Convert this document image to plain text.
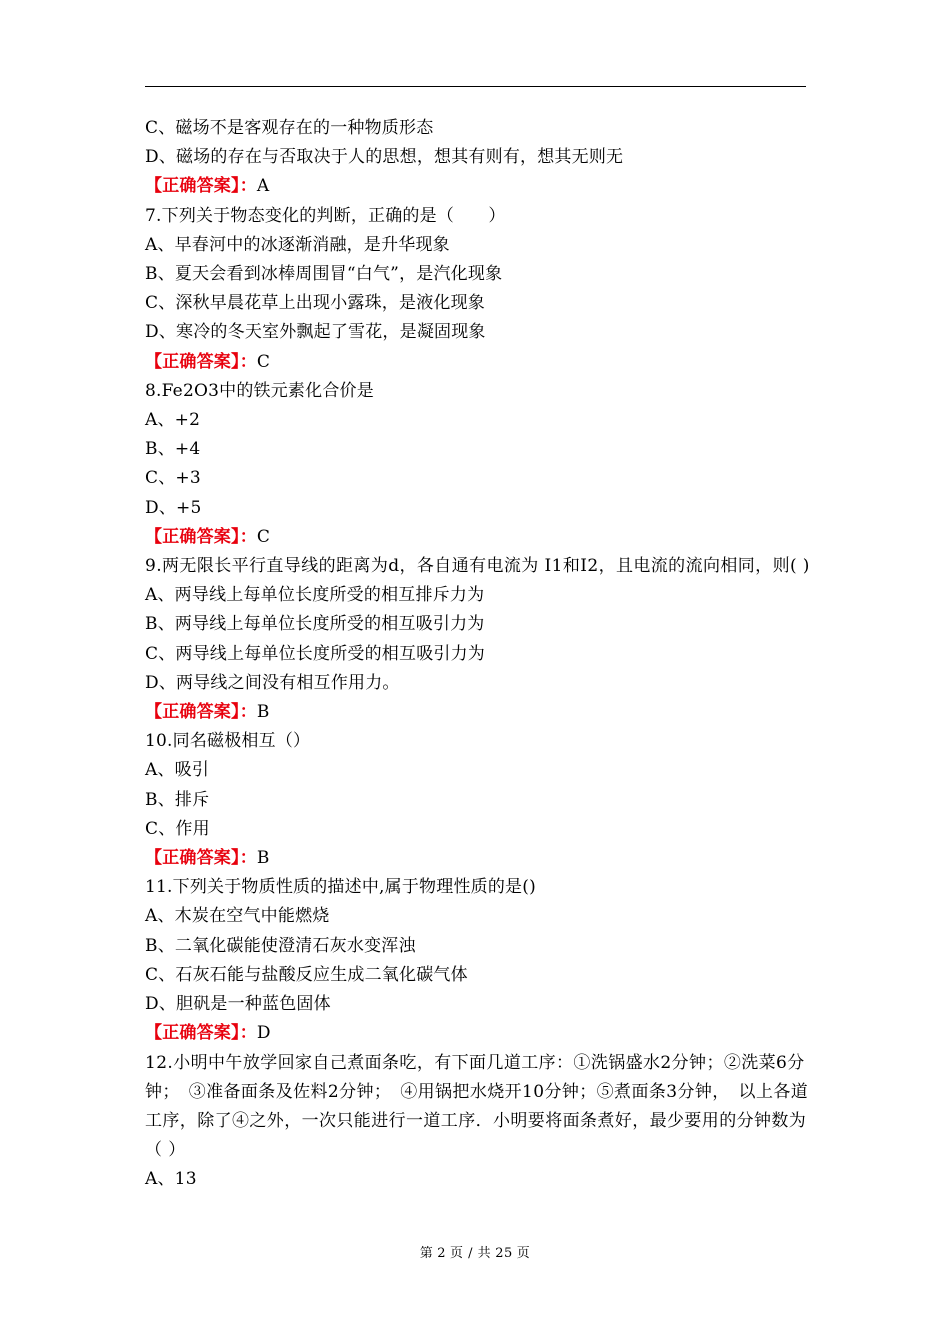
C、磁场不是客观存在的一种物质形态
D、磁场的存在与否取决于人的思想，想其有则有，想其无则无
【正确答案】：A
7.下列关于物态变化的判断，正确的是（　　）
A、早春河中的冰逐渐消融，是升华现象
B、夏天会看到冰棒周围冒“白气”，是汽化现象
C、深秋早晨花草上出现小露珠，是液化现象
D、寒冷的冬天室外飘起了雪花，是凝固现象
【正确答案】：C
8.Fe2O3中的铁元素化合价是
A、+2
B、+4
C、+3
D、+5
【正确答案】：C
9.两无限长平行直导线的距离为d，各自通有电流为 I1和I2，且电流的流向相同，则( )
A、两导线上每单位长度所受的相互排斥力为
B、两导线上每单位长度所受的相互吸引力为
C、两导线上每单位长度所受的相互吸引力为
D、两导线之间没有相互作用力。
【正确答案】：B
10.同名磁极相互（）
A、吸引
B、排斥
C、作用
【正确答案】：B
11.下列关于物质性质的描述中,属于物理性质的是()
A、木炭在空气中能燃烧
B、二氧化碳能使澄清石灰水变浑浊
C、石灰石能与盐酸反应生成二氧化碳气体
D、胆矾是一种蓝色固体
【正确答案】：D
12.小明中午放学回家自己煮面条吃，有下面几道工序：①洗锅盛水2分钟；②洗菜6分钟；　③准备面条及佐料2分钟；　④用锅把水烧开10分钟；⑤煮面条3分钟，　以上各道工序，除了④之外，一次只能进行一道工序．小明要将面条煮好，最少要用的分钟数为（ ）
A、13
第 2 页 / 共 25 页
